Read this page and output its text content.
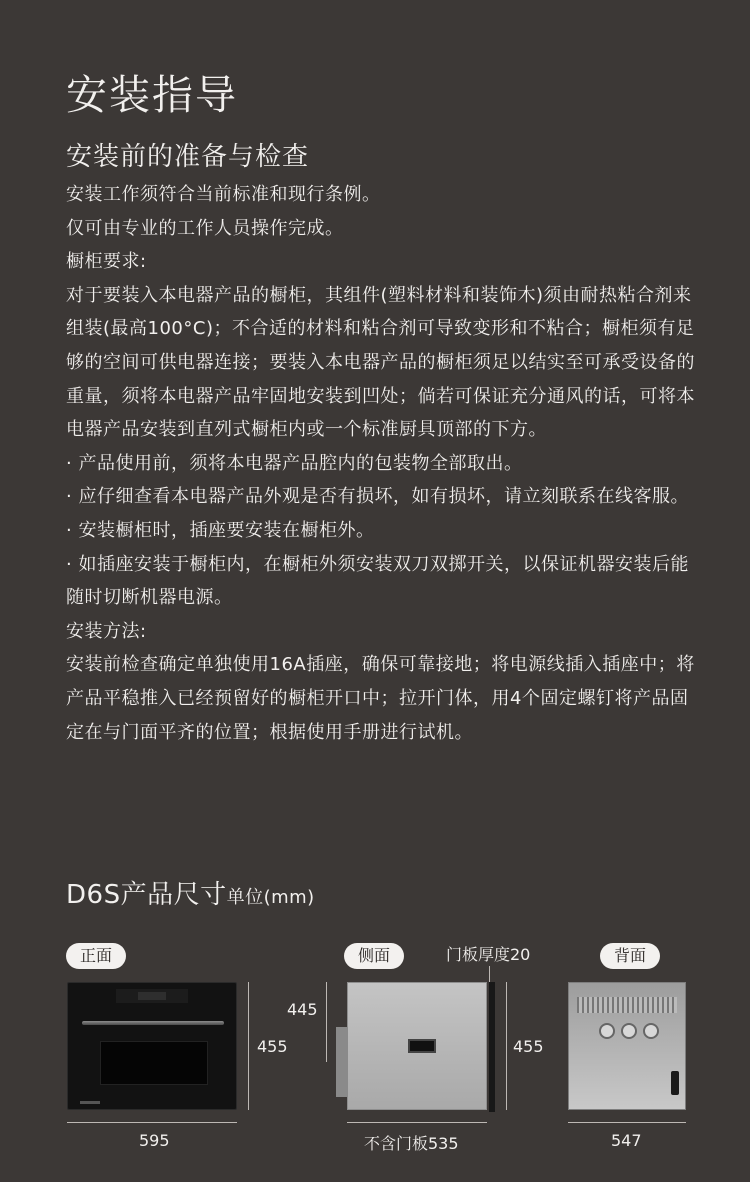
安装指导
安装前的准备与检查

安装工作须符合当前标准和现行条例。

仅可由专业的工作人员操作完成。

橱柜要求:

对于要装入本电器产品的橱柜，其组件(塑料材料和装饰木)须由耐热粘合剂来组装(最高100°C)；不合适的材料和粘合剂可导致变形和不粘合；橱柜须有足够的空间可供电器连接；要装入本电器产品的橱柜须足以结实至可承受设备的重量，须将本电器产品牢固地安装到凹处；倘若可保证充分通风的话，可将本电器产品安装到直列式橱柜内或一个标准厨具顶部的下方。

· 产品使用前，须将本电器产品腔内的包装物全部取出。

· 应仔细查看本电器产品外观是否有损坏，如有损坏，请立刻联系在线客服。

· 安装橱柜时，插座要安装在橱柜外。

· 如插座安装于橱柜内，在橱柜外须安装双刀双掷开关，以保证机器安装后能随时切断机器电源。

安装方法:

安装前检查确定单独使用16A插座，确保可靠接地；将电源线插入插座中；将产品平稳推入已经预留好的橱柜开口中；拉开门体，用4个固定螺钉将产品固定在与门面平齐的位置；根据使用手册进行试机。

D6S产品尺寸单位(mm)
正面
455
595
侧面	门板厚度20
445
455
不含门板535
背面
547
